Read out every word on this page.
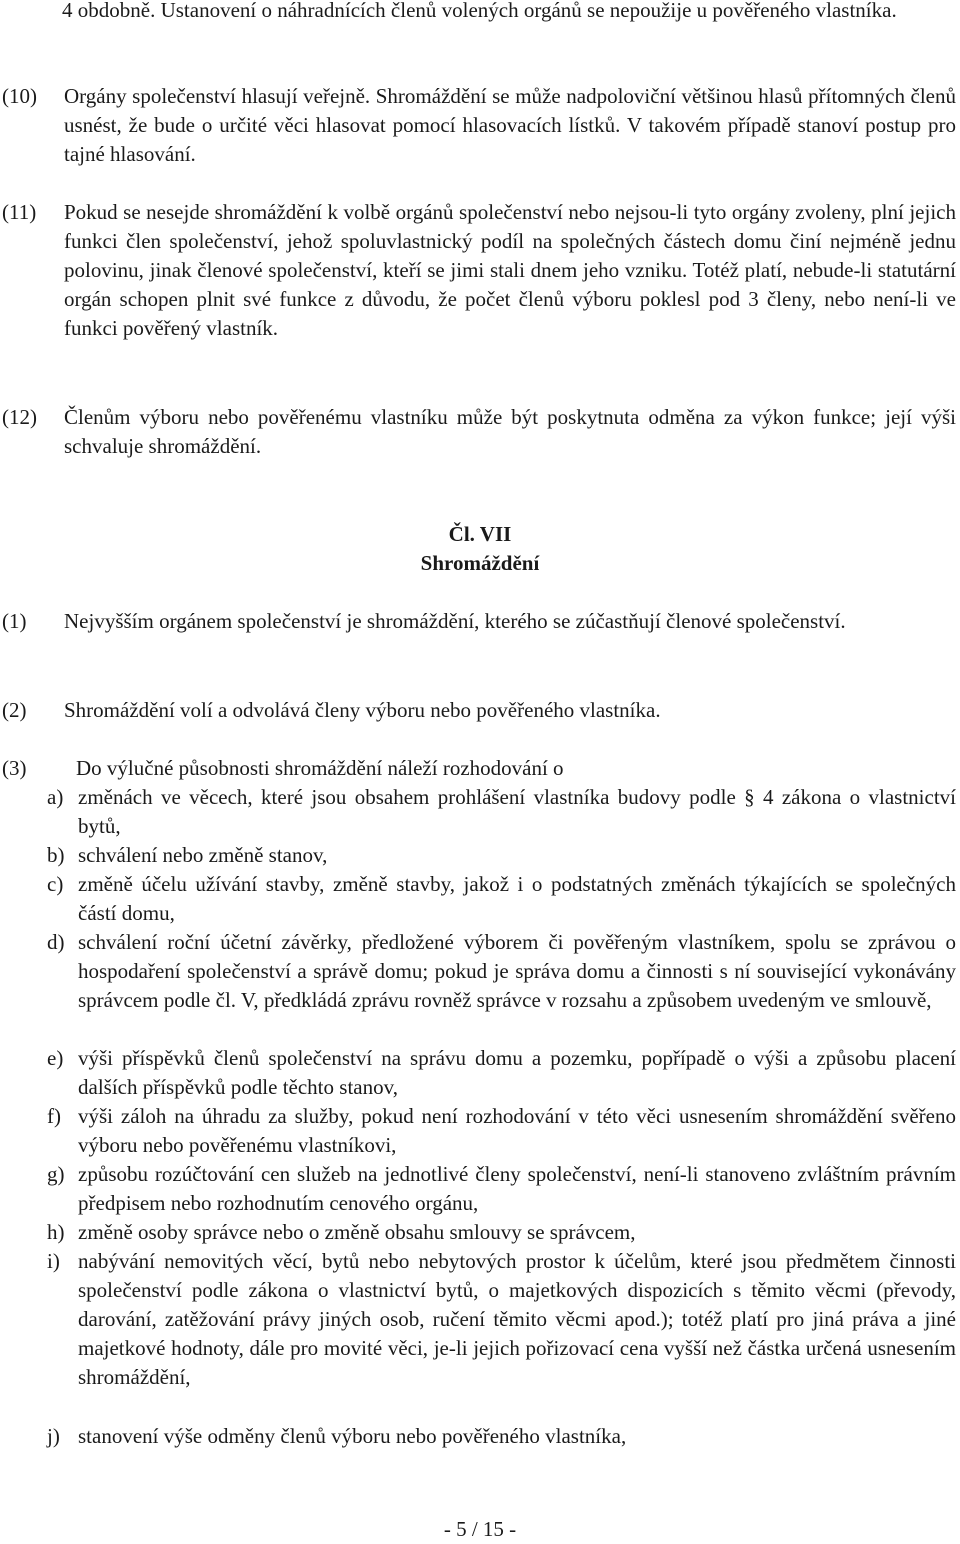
4 obdobně. Ustanovení o náhradnících členů volených orgánů se nepoužije u pověřeného vlastníka.
(10) Orgány společenství hlasují veřejně. Shromáždění se může nadpoloviční většinou hlasů přítomných členů usnést, že bude o určité věci hlasovat pomocí hlasovacích lístků. V takovém případě stanoví postup pro tajné hlasování.
(11) Pokud se nesejde shromáždění k volbě orgánů společenství nebo nejsou-li tyto orgány zvoleny, plní jejich funkci člen společenství, jehož spoluvlastnický podíl na společných částech domu činí nejméně jednu polovinu, jinak členové společenství, kteří se jimi stali dnem jeho vzniku. Totéž platí, nebude-li statutární orgán schopen plnit své funkce z důvodu, že počet členů výboru poklesl pod 3 členy, nebo není-li ve funkci pověřený vlastník.
(12) Členům výboru nebo pověřenému vlastníku může být poskytnuta odměna za výkon funkce; její výši schvaluje shromáždění.
Čl. VII
Shromáždění
(1) Nejvyšším orgánem společenství je shromáždění, kterého se zúčastňují členové společenství.
(2) Shromáždění volí a odvolává členy výboru nebo pověřeného vlastníka.
(3) Do výlučné působnosti shromáždění náleží rozhodování o
a) změnách ve věcech, které jsou obsahem prohlášení vlastníka budovy podle § 4 zákona o vlastnictví bytů,
b) schválení nebo změně stanov,
c) změně účelu užívání stavby, změně stavby, jakož i o podstatných změnách týkajících se společných částí domu,
d) schválení roční účetní závěrky, předložené výborem či pověřeným vlastníkem, spolu se zprávou o hospodaření společenství a správě domu; pokud je správa domu a činnosti s ní související vykonávány správcem podle čl. V, předkládá zprávu rovněž správce v rozsahu a způsobem uvedeným ve smlouvě,
e) výši příspěvků členů společenství na správu domu a pozemku, popřípadě o výši a způsobu placení dalších příspěvků podle těchto stanov,
f) výši záloh na úhradu za služby, pokud není rozhodování v této věci usnesením shromáždění svěřeno výboru nebo pověřenému vlastníkovi,
g) způsobu rozúčtování cen služeb na jednotlivé členy společenství, není-li stanoveno zvláštním právním předpisem nebo rozhodnutím cenového orgánu,
h) změně osoby správce nebo o změně obsahu smlouvy se správcem,
i) nabývání nemovitých věcí, bytů nebo nebytových prostor k účelům, které jsou předmětem činnosti společenství podle zákona o vlastnictví bytů, o majetkových dispozicích s těmito věcmi (převody, darování, zatěžování právy jiných osob, ručení těmito věcmi apod.); totéž platí pro jiná práva a jiné majetkové hodnoty, dále pro movité věci, je-li jejich pořizovací cena vyšší než částka určená usnesením shromáždění,
j) stanovení výše odměny členů výboru nebo pověřeného vlastníka,
- 5 / 15 -
